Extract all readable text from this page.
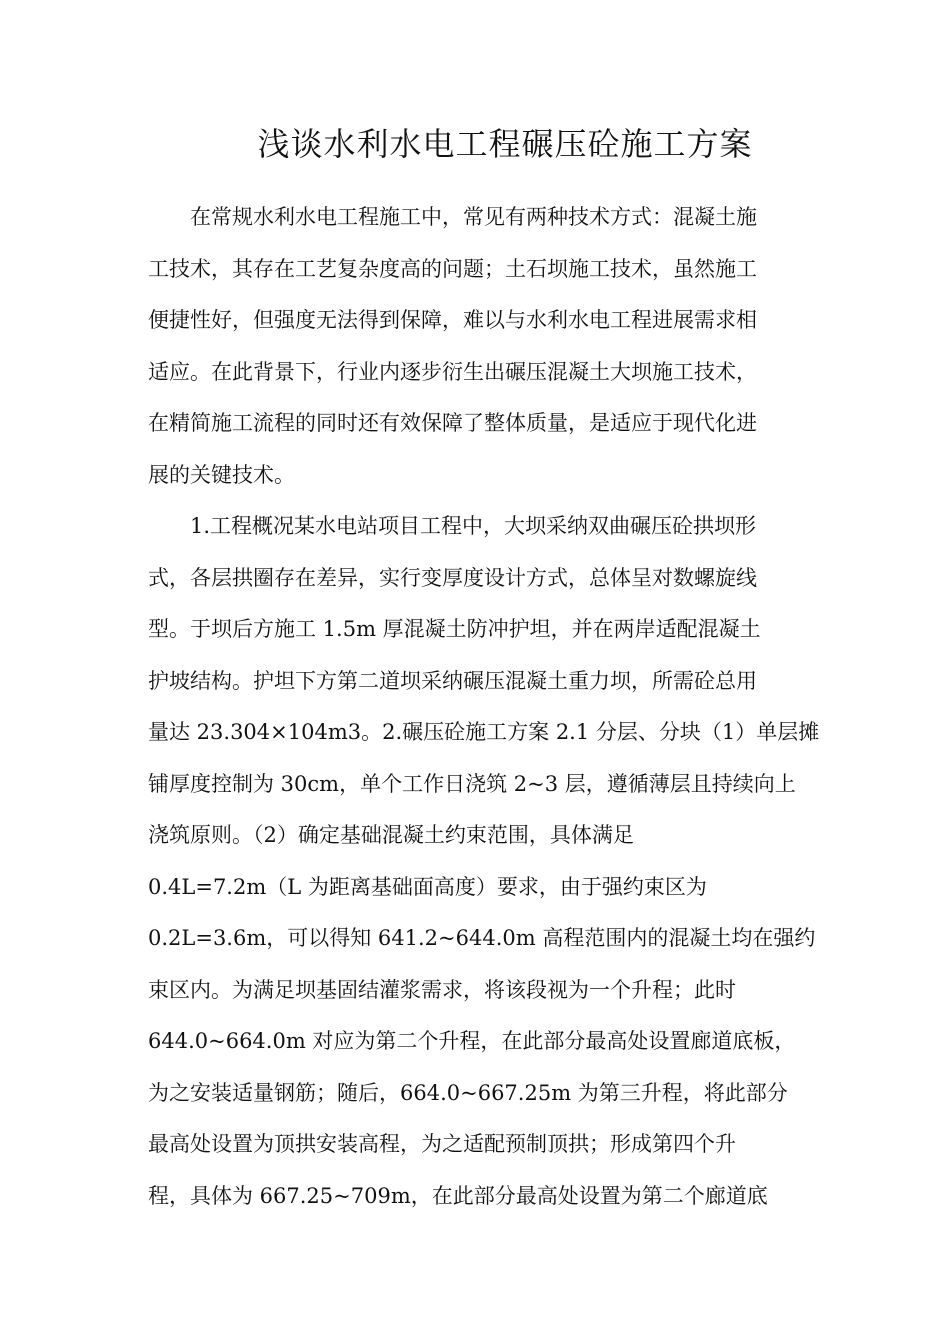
浅谈水利水电工程碾压砼施工方案
在常规水利水电工程施工中，常见有两种技术方式：混凝土施
工技术，其存在工艺复杂度高的问题；土石坝施工技术，虽然施工
便捷性好，但强度无法得到保障，难以与水利水电工程进展需求相
适应。在此背景下，行业内逐步衍生出碾压混凝土大坝施工技术，
在精简施工流程的同时还有效保障了整体质量，是适应于现代化进
展的关键技术。
1.工程概况某水电站项目工程中，大坝采纳双曲碾压砼拱坝形
式，各层拱圈存在差异，实行变厚度设计方式，总体呈对数螺旋线
型。于坝后方施工 1.5m 厚混凝土防冲护坦，并在两岸适配混凝土
护坡结构。护坦下方第二道坝采纳碾压混凝土重力坝，所需砼总用
量达 23.304×104m3。2.碾压砼施工方案 2.1 分层、分块（1）单层摊
铺厚度控制为 30cm，单个工作日浇筑 2~3 层，遵循薄层且持续向上
浇筑原则。（2）确定基础混凝土约束范围，具体满足
0.4L=7.2m（L 为距离基础面高度）要求，由于强约束区为
0.2L=3.6m，可以得知 641.2~644.0m 高程范围内的混凝土均在强约
束区内。为满足坝基固结灌浆需求，将该段视为一个升程；此时
644.0~664.0m 对应为第二个升程，在此部分最高处设置廊道底板，
为之安装适量钢筋；随后，664.0~667.25m 为第三升程，将此部分
最高处设置为顶拱安装高程，为之适配预制顶拱；形成第四个升
程，具体为 667.25~709m，在此部分最高处设置为第二个廊道底
